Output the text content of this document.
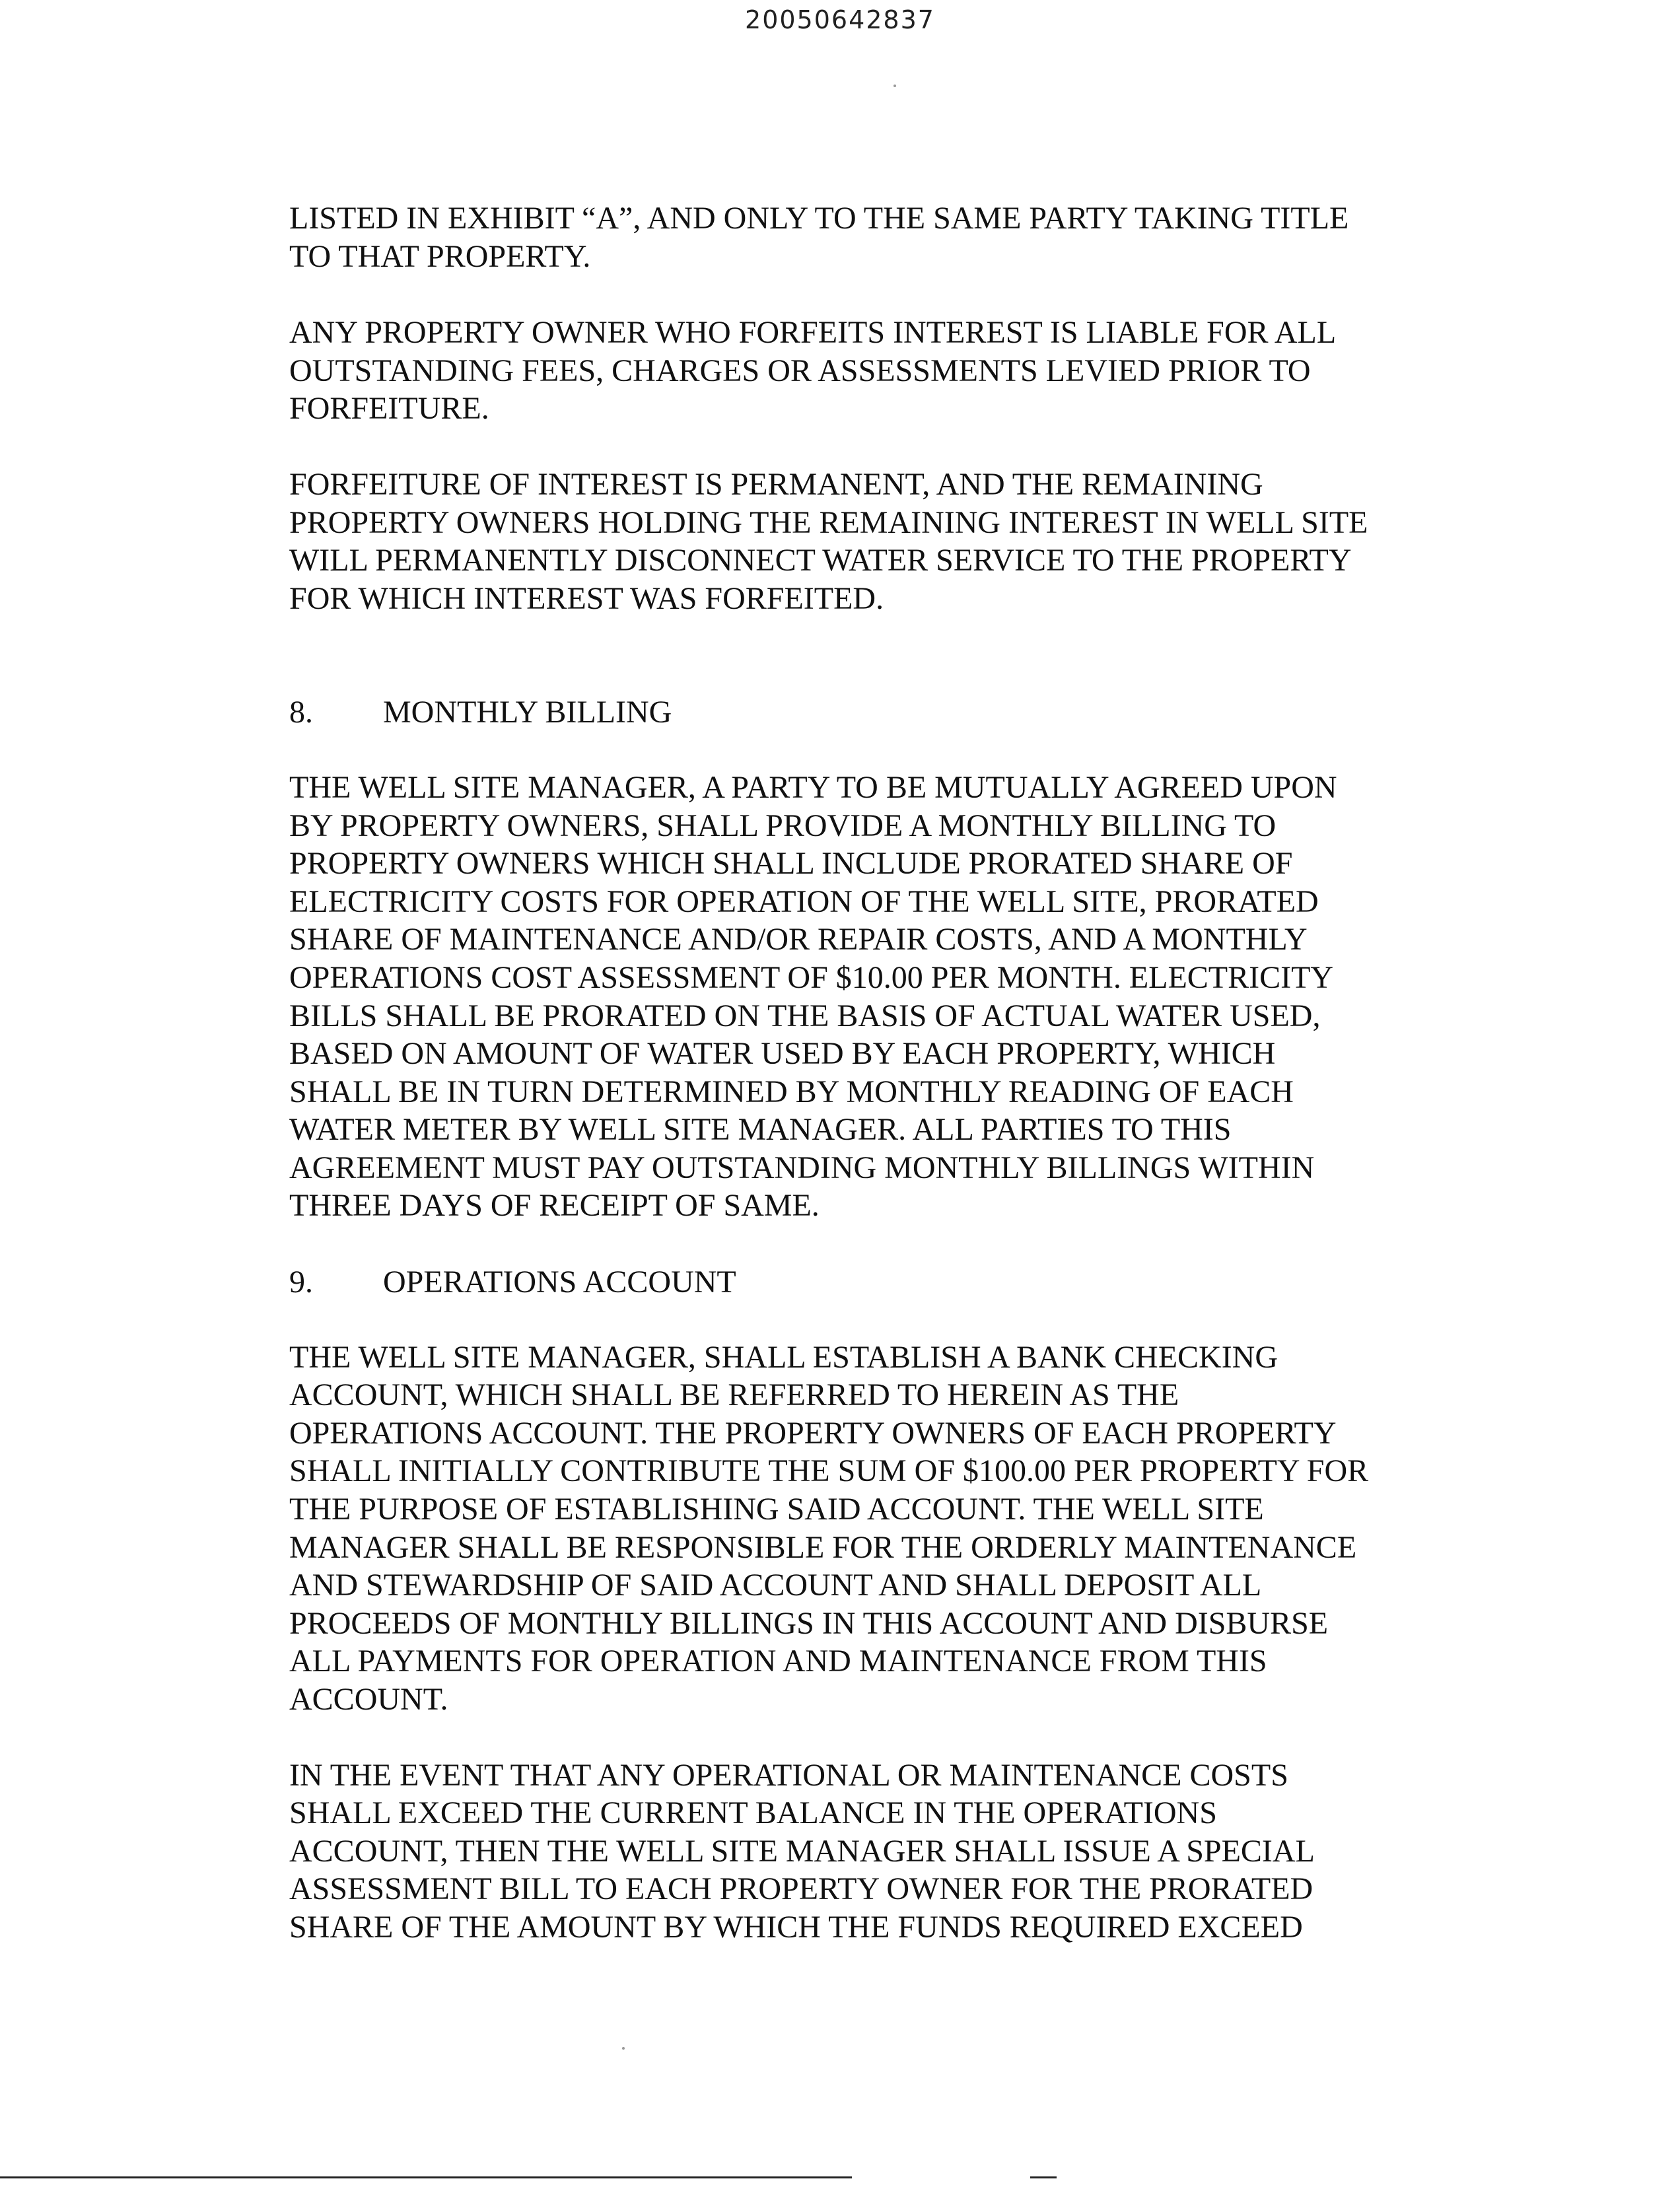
20050642837

LISTED IN EXHIBIT “A”, AND ONLY TO THE SAME PARTY TAKING TITLE
TO THAT PROPERTY.

ANY PROPERTY OWNER WHO FORFEITS INTEREST IS LIABLE FOR ALL
OUTSTANDING FEES, CHARGES OR ASSESSMENTS LEVIED PRIOR TO
FORFEITURE.

FORFEITURE OF INTEREST IS PERMANENT, AND THE REMAINING
PROPERTY OWNERS HOLDING THE REMAINING INTEREST IN WELL SITE
WILL PERMANENTLY DISCONNECT WATER SERVICE TO THE PROPERTY
FOR WHICH INTEREST WAS FORFEITED.

8. MONTHLY BILLING

THE WELL SITE MANAGER, A PARTY TO BE MUTUALLY AGREED UPON
BY PROPERTY OWNERS, SHALL PROVIDE A MONTHLY BILLING TO
PROPERTY OWNERS WHICH SHALL INCLUDE PRORATED SHARE OF
ELECTRICITY COSTS FOR OPERATION OF THE WELL SITE, PRORATED
SHARE OF MAINTENANCE AND/OR REPAIR COSTS, AND A MONTHLY
OPERATIONS COST ASSESSMENT OF $10.00 PER MONTH. ELECTRICITY
BILLS SHALL BE PRORATED ON THE BASIS OF ACTUAL WATER USED,
BASED ON AMOUNT OF WATER USED BY EACH PROPERTY, WHICH
SHALL BE IN TURN DETERMINED BY MONTHLY READING OF EACH
WATER METER BY WELL SITE MANAGER. ALL PARTIES TO THIS
AGREEMENT MUST PAY OUTSTANDING MONTHLY BILLINGS WITHIN
THREE DAYS OF RECEIPT OF SAME.

9. OPERATIONS ACCOUNT

THE WELL SITE MANAGER, SHALL ESTABLISH A BANK CHECKING
ACCOUNT, WHICH SHALL BE REFERRED TO HEREIN AS THE
OPERATIONS ACCOUNT. THE PROPERTY OWNERS OF EACH PROPERTY
SHALL INITIALLY CONTRIBUTE THE SUM OF $100.00 PER PROPERTY FOR
THE PURPOSE OF ESTABLISHING SAID ACCOUNT. THE WELL SITE
MANAGER SHALL BE RESPONSIBLE FOR THE ORDERLY MAINTENANCE
AND STEWARDSHIP OF SAID ACCOUNT AND SHALL DEPOSIT ALL
PROCEEDS OF MONTHLY BILLINGS IN THIS ACCOUNT AND DISBURSE
ALL PAYMENTS FOR OPERATION AND MAINTENANCE FROM THIS
ACCOUNT.

IN THE EVENT THAT ANY OPERATIONAL OR MAINTENANCE COSTS
SHALL EXCEED THE CURRENT BALANCE IN THE OPERATIONS
ACCOUNT, THEN THE WELL SITE MANAGER SHALL ISSUE A SPECIAL
ASSESSMENT BILL TO EACH PROPERTY OWNER FOR THE PRORATED
SHARE OF THE AMOUNT BY WHICH THE FUNDS REQUIRED EXCEED
